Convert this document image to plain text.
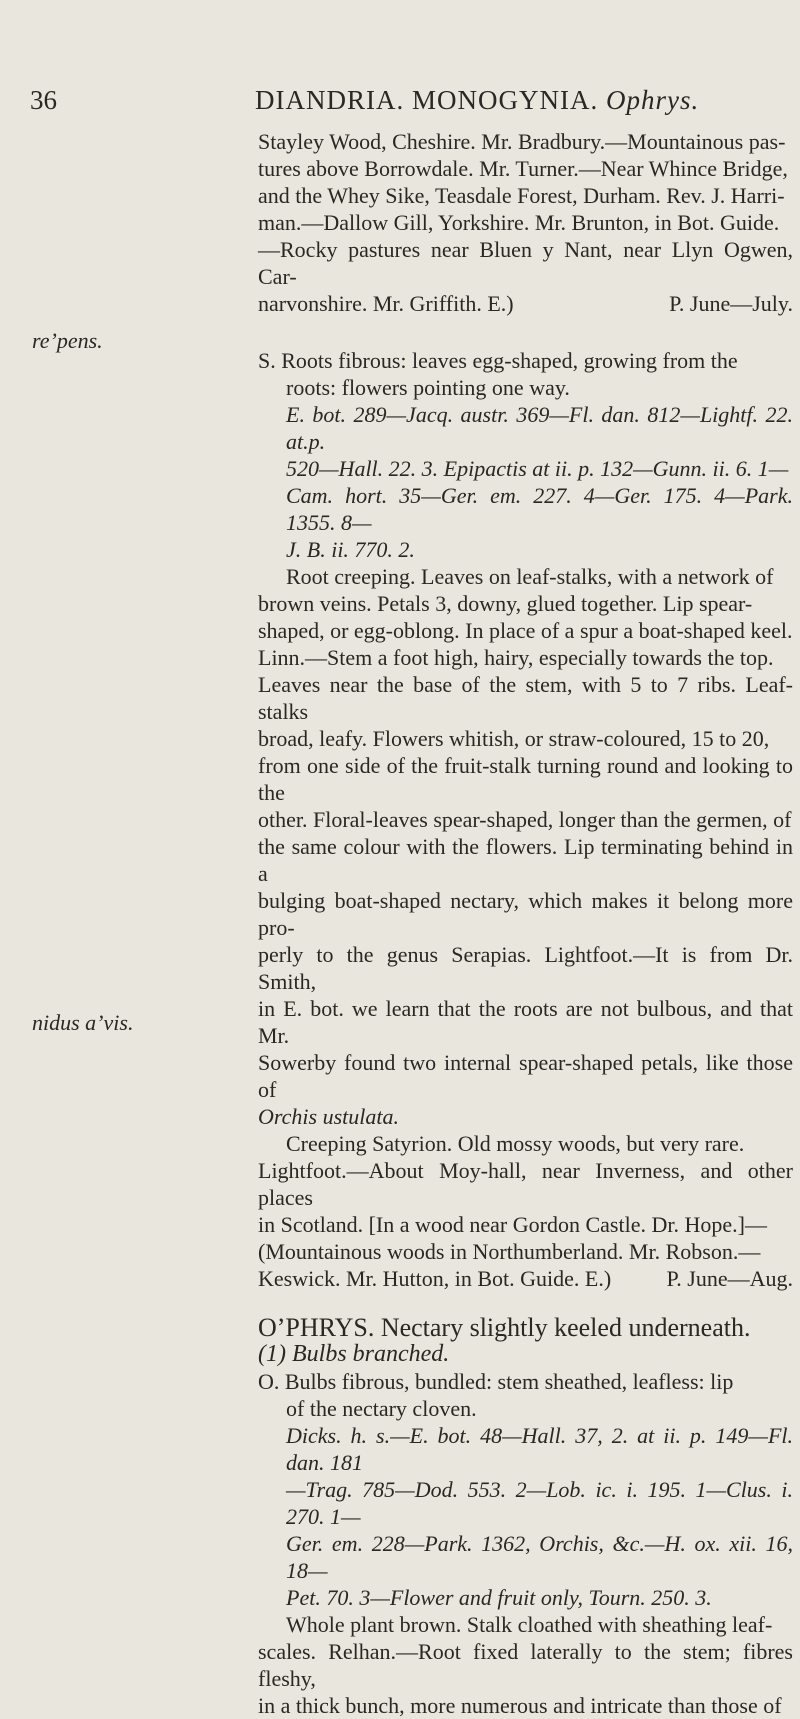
36	DIANDRIA. MONOGYNIA. Ophrys.
re’pens.
nidus a’vis.

Stayley Wood, Cheshire. Mr. Bradbury.—Mountainous pas-

tures above Borrowdale. Mr. Turner.—Near Whince Bridge,

and the Whey Sike, Teasdale Forest, Durham. Rev. J. Harri-

man.—Dallow Gill, Yorkshire. Mr. Brunton, in Bot. Guide.

—Rocky pastures near Bluen y Nant, near Llyn Ogwen, Car-

narvonshire. Mr. Griffith. E.)	P. June—July.

S. Roots fibrous: leaves egg-shaped, growing from the

roots: flowers pointing one way.

E. bot. 289—Jacq. austr. 369—Fl. dan. 812—Lightf. 22. at.p.

520—Hall. 22. 3. Epipactis at ii. p. 132—Gunn. ii. 6. 1—

Cam. hort. 35—Ger. em. 227. 4—Ger. 175. 4—Park. 1355. 8—

J. B. ii. 770. 2.

Root creeping. Leaves on leaf-stalks, with a network of

brown veins. Petals 3, downy, glued together. Lip spear-

shaped, or egg-oblong. In place of a spur a boat-shaped keel.

Linn.—Stem a foot high, hairy, especially towards the top.

Leaves near the base of the stem, with 5 to 7 ribs. Leaf-stalks

broad, leafy. Flowers whitish, or straw-coloured, 15 to 20,

from one side of the fruit-stalk turning round and looking to the

other. Floral-leaves spear-shaped, longer than the germen, of

the same colour with the flowers. Lip terminating behind in a

bulging boat-shaped nectary, which makes it belong more pro-

perly to the genus Serapias. Lightfoot.—It is from Dr. Smith,

in E. bot. we learn that the roots are not bulbous, and that Mr.

Sowerby found two internal spear-shaped petals, like those of

Orchis ustulata.

Creeping Satyrion. Old mossy woods, but very rare.

Lightfoot.—About Moy-hall, near Inverness, and other places

in Scotland. [In a wood near Gordon Castle. Dr. Hope.]—

(Mountainous woods in Northumberland. Mr. Robson.—

Keswick. Mr. Hutton, in Bot. Guide. E.)	P. June—Aug.

O’PHRYS. Nectary slightly keeled underneath.

(1) Bulbs branched.

O. Bulbs fibrous, bundled: stem sheathed, leafless: lip

of the nectary cloven.

Dicks. h. s.—E. bot. 48—Hall. 37, 2. at ii. p. 149—Fl. dan. 181

—Trag. 785—Dod. 553. 2—Lob. ic. i. 195. 1—Clus. i. 270. 1—

Ger. em. 228—Park. 1362, Orchis, &c.—H. ox. xii. 16, 18—

Pet. 70. 3—Flower and fruit only, Tourn. 250. 3.

Whole plant brown. Stalk cloathed with sheathing leaf-

scales. Relhan.—Root fixed laterally to the stem; fibres fleshy,

in a thick bunch, more numerous and intricate than those of
